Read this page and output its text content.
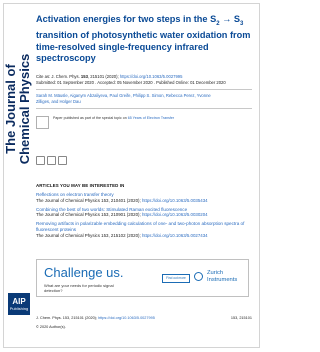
The Journal of Chemical Physics
AIP
Publishing
Activation energies for two steps in the $S_2 \to S_3$ transition of photosynthetic water oxidation from time-resolved single-frequency infrared spectroscopy
Cite as: J. Chem. Phys. 153, 215101 (2020); https://doi.org/10.1063/5.0027995
Submitted: 01 September 2020 . Accepted: 05 November 2020 . Published Online: 01 December 2020
Sarah M. Mäusle, Aiganym Abzaliyeva, Paul Greife, Philipp S. Simon, Rebecca Perez, Yvonne
Zilliges, and Holger Dau
Paper published as part of the special topic on 65 Years of Electron Transfer
ARTICLES YOU MAY BE INTERESTED IN
Reflections on electron transfer theory
The Journal of Chemical Physics 153, 210401 (2020); https://doi.org/10.1063/5.0035434
Combining the best of two worlds: Stimulated Raman excited fluorescence
The Journal of Chemical Physics 153, 210901 (2020); https://doi.org/10.1063/5.0030204
Removing artifacts in polarizable embedding calculations of one- and two-photon absorption spectra of fluorescent proteins
The Journal of Chemical Physics 153, 215102 (2020); https://doi.org/10.1063/5.0027434
Challenge us.
What are your needs for periodic signal detection?
Find out more
Zurich
Instruments
J. Chem. Phys. 153, 215101 (2020); https://doi.org/10.1063/5.0027995	153, 215101
© 2020 Author(s).
